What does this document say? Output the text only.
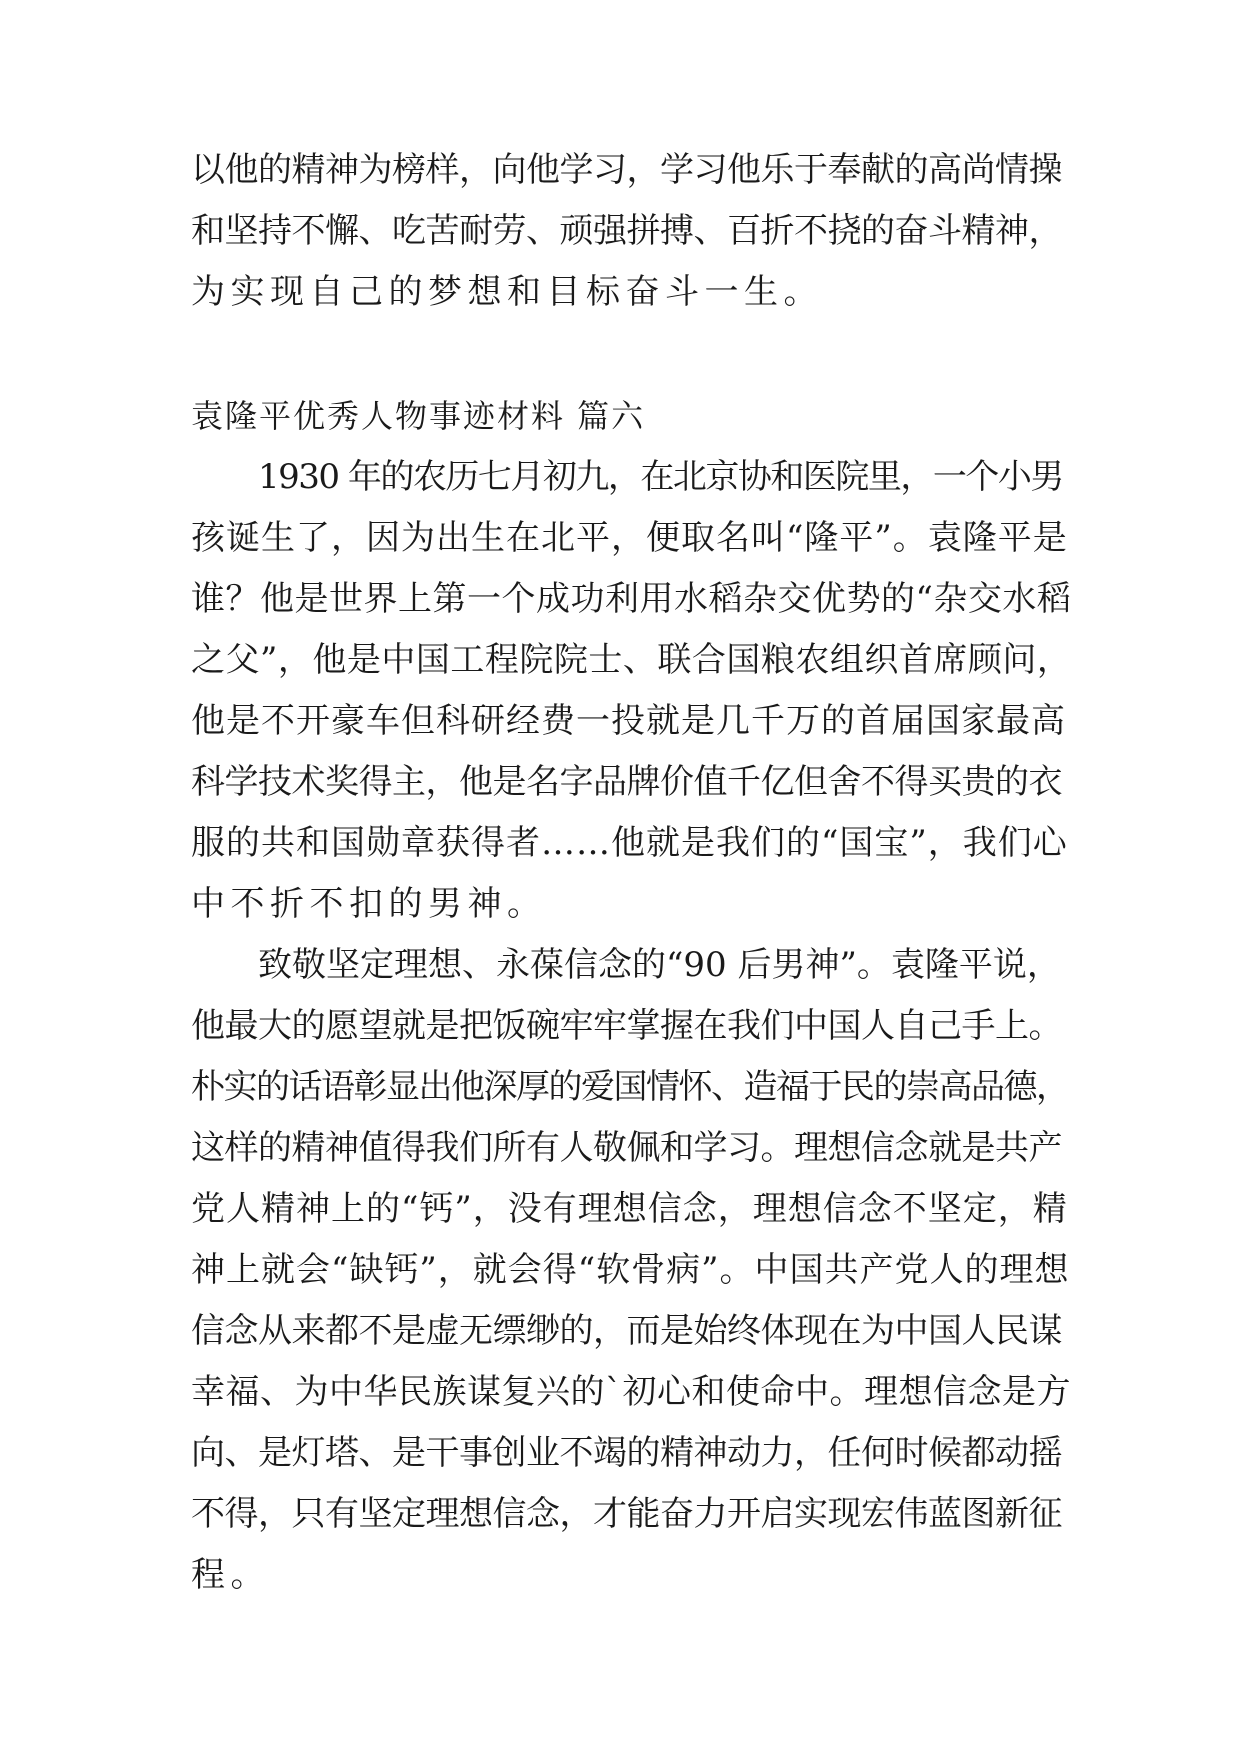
以他的精神为榜样，向他学习，学习他乐于奉献的高尚情操
和坚持不懈、吃苦耐劳、顽强拼搏、百折不挠的奋斗精神，
为实现自己的梦想和目标奋斗一生。
袁隆平优秀人物事迹材料 篇六
1930 年的农历七月初九，在北京协和医院里，一个小男
孩诞生了，因为出生在北平，便取名叫“隆平”。袁隆平是
谁？他是世界上第一个成功利用水稻杂交优势的“杂交水稻
之父”，他是中国工程院院士、联合国粮农组织首席顾问，
他是不开豪车但科研经费一投就是几千万的首届国家最高
科学技术奖得主，他是名字品牌价值千亿但舍不得买贵的衣
服的共和国勋章获得者……他就是我们的“国宝”，我们心
中不折不扣的男神。
致敬坚定理想、永葆信念的“90 后男神”。袁隆平说，
他最大的愿望就是把饭碗牢牢掌握在我们中国人自己手上。
朴实的话语彰显出他深厚的爱国情怀、造福于民的崇高品德，
这样的精神值得我们所有人敬佩和学习。理想信念就是共产
党人精神上的“钙”，没有理想信念，理想信念不坚定，精
神上就会“缺钙”，就会得“软骨病”。中国共产党人的理想
信念从来都不是虚无缥缈的，而是始终体现在为中国人民谋
幸福、为中华民族谋复兴的`初心和使命中。理想信念是方
向、是灯塔、是干事创业不竭的精神动力，任何时候都动摇
不得，只有坚定理想信念，才能奋力开启实现宏伟蓝图新征
程。
